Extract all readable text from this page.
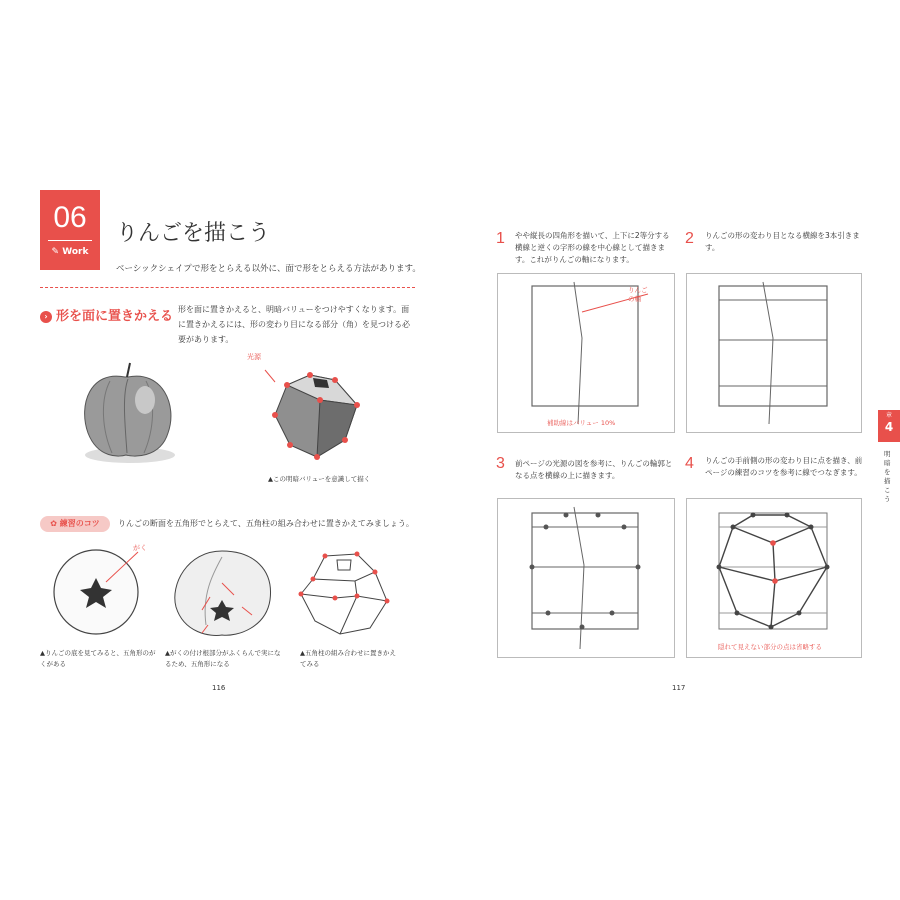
06
✎ Work
りんごを描こう
ベーシックシェイプで形をとらえる以外に、面で形をとらえる方法があります。
› 形を面に置きかえる 形を面に置きかえると、明暗バリューをつけやすくなります。面に置きかえるには、形の変わり目になる部分（角）を見つける必要があります。
光源
▲この明暗バリューを意識して描く
✿ 練習のコツ	りんごの断面を五角形でとらえて、五角柱の組み合わせに置きかえてみましょう。
がく
▲りんごの底を見てみると、五角形のがくがある
▲がくの付け根部分がふくらんで実になるため、五角形になる
▲五角柱の組み合わせに置きかえてみる
116
1 やや縦長の四角形を描いて、上下に2等分する横線と逆くの字形の線を中心線として描きます。これがりんごの軸になります。
2 りんごの形の変わり目となる横線を3本引きます。
りんごの軸
補助線はバリュー 10%
3 前ページの光源の図を参考に、りんごの輪郭となる点を横線の上に描きます。
4 りんごの手前側の形の変わり目に点を描き、前ページの練習のコツを参考に線でつなぎます。
隠れて見えない部分の点は省略する
117
章
4
明暗を描こう
